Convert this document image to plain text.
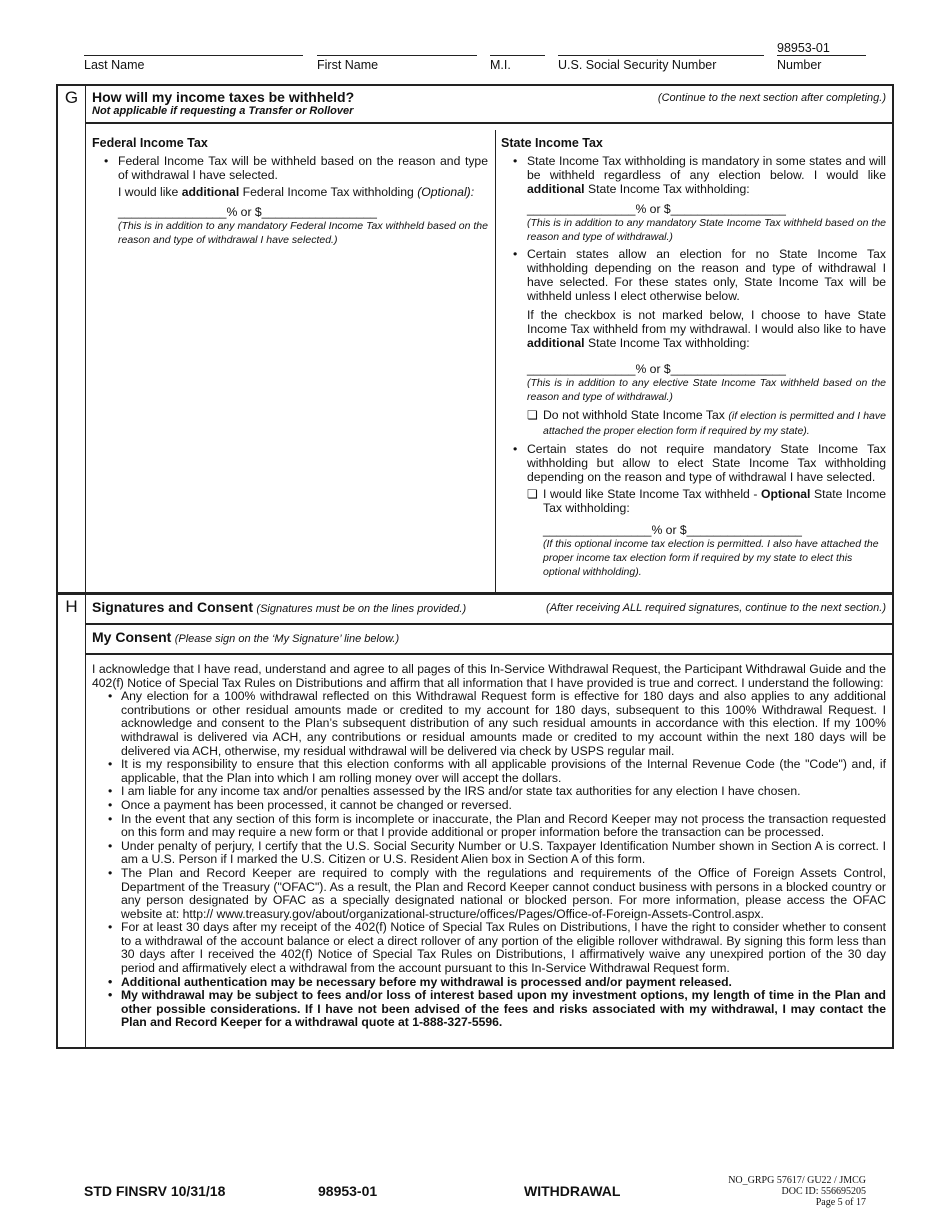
Last Name	First Name	M.I.	U.S. Social Security Number
98953-01
Number
G How will my income taxes be withheld?
Not applicable if requesting a Transfer or Rollover
(Continue to the next section after completing.)
Federal Income Tax

• Federal Income Tax will be withheld based on the reason and type of withdrawal I have selected.

I would like additional Federal Income Tax withholding (Optional):

________________% or $_________________

(This is in addition to any mandatory Federal Income Tax withheld based on the reason and type of withdrawal I have selected.)

State Income Tax

• State Income Tax withholding is mandatory in some states and will be withheld regardless of any election below. I would like additional State Income Tax withholding:

________________% or $_________________

(This is in addition to any mandatory State Income Tax withheld based on the reason and type of withdrawal.)

• Certain states allow an election for no State Income Tax withholding depending on the reason and type of withdrawal I have selected. For these states only, State Income Tax will be withheld unless I elect otherwise below.

If the checkbox is not marked below, I choose to have State Income Tax withheld from my withdrawal. I would also like to have additional State Income Tax withholding:

________________% or $_________________

(This is in addition to any elective State Income Tax withheld based on the reason and type of withdrawal.)

❏ Do not withhold State Income Tax (if election is permitted and I have attached the proper election form if required by my state).

• Certain states do not require mandatory State Income Tax withholding but allow to elect State Income Tax withholding depending on the reason and type of withdrawal I have selected.

❏ I would like State Income Tax withheld - Optional State Income Tax withholding:

________________% or $_________________

(If this optional income tax election is permitted. I also have attached the proper income tax election form if required by my state to elect this optional withholding).

H	Signatures and Consent (Signatures must be on the lines provided.)	(After receiving ALL required signatures, continue to the next section.)
My Consent (Please sign on the ‘My Signature’ line below.)

I acknowledge that I have read, understand and agree to all pages of this In-Service Withdrawal Request, the Participant Withdrawal Guide and the 402(f) Notice of Special Tax Rules on Distributions and affirm that all information that I have provided is true and correct. I understand the following:

• Any election for a 100% withdrawal reflected on this Withdrawal Request form is effective for 180 days and also applies to any additional contributions or other residual amounts made or credited to my account for 180 days, subsequent to this 100% Withdrawal Request. I acknowledge and consent to the Plan’s subsequent distribution of any such residual amounts in accordance with this election. If my 100% withdrawal is delivered via ACH, any contributions or residual amounts made or credited to my account within the next 180 days will be delivered via ACH, otherwise, my residual withdrawal will be delivered via check by USPS regular mail.

• It is my responsibility to ensure that this election conforms with all applicable provisions of the Internal Revenue Code (the "Code") and, if applicable, that the Plan into which I am rolling money over will accept the dollars.

• I am liable for any income tax and/or penalties assessed by the IRS and/or state tax authorities for any election I have chosen.

• Once a payment has been processed, it cannot be changed or reversed.

• In the event that any section of this form is incomplete or inaccurate, the Plan and Record Keeper may not process the transaction requested on this form and may require a new form or that I provide additional or proper information before the transaction can be processed.

• Under penalty of perjury, I certify that the U.S. Social Security Number or U.S. Taxpayer Identification Number shown in Section A is correct. I am a U.S. Person if I marked the U.S. Citizen or U.S. Resident Alien box in Section A of this form.

• The Plan and Record Keeper are required to comply with the regulations and requirements of the Office of Foreign Assets Control, Department of the Treasury ("OFAC"). As a result, the Plan and Record Keeper cannot conduct business with persons in a blocked country or any person designated by OFAC as a specially designated national or blocked person. For more information, please access the OFAC website at: http:// www.treasury.gov/about/organizational-structure/offices/Pages/Office-of-Foreign-Assets-Control.aspx.

• For at least 30 days after my receipt of the 402(f) Notice of Special Tax Rules on Distributions, I have the right to consider whether to consent to a withdrawal of the account balance or elect a direct rollover of any portion of the eligible rollover withdrawal. By signing this form less than 30 days after I received the 402(f) Notice of Special Tax Rules on Distributions, I affirmatively waive any unexpired portion of the 30 day period and affirmatively elect a withdrawal from the account pursuant to this In-Service Withdrawal Request form.

• Additional authentication may be necessary before my withdrawal is processed and/or payment released.

• My withdrawal may be subject to fees and/or loss of interest based upon my investment options, my length of time in the Plan and other possible considerations. If I have not been advised of the fees and risks associated with my withdrawal, I may contact the Plan and Record Keeper for a withdrawal quote at 1-888-327-5596.

STD FINSRV 10/31/18	98953-01	WITHDRAWAL
NO_GRPG 57617/ GU22 / JMCG
DOC ID: 556695205
Page 5 of 17
